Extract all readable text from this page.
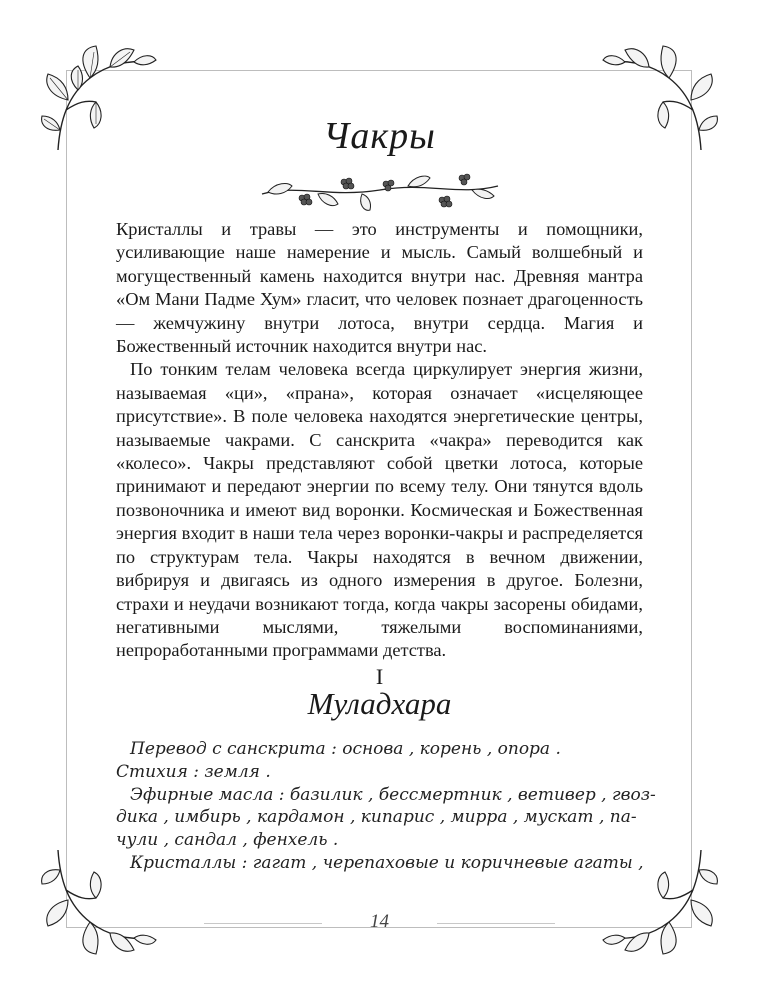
Чакры

Кристаллы и травы — это инструменты и помощники, усиливающие наше намерение и мысль. Самый волшебный и могущественный камень находится внутри нас. Древняя мантра «Ом Мани Падме Хум» гласит, что человек познает драгоценность — жемчужину внутри лотоса, внутри сердца. Магия и Божественный источник находится внутри нас.

По тонким телам человека всегда циркулирует энергия жизни, называемая «ци», «прана», которая означает «исцеляющее присутствие». В поле человека находятся энергетические центры, называемые чакрами. С санскрита «чакра» переводится как «колесо». Чакры представляют собой цветки лотоса, которые принимают и передают энергии по всему телу. Они тянутся вдоль позвоночника и имеют вид воронки. Космическая и Божественная энергия входит в наши тела через воронки-чакры и распределяется по структурам тела. Чакры находятся в вечном движении, вибрируя и двигаясь из одного измерения в другое. Болезни, страхи и неудачи возникают тогда, когда чакры засорены обидами, негативными мыслями, тяжелыми воспоминаниями, непроработанными программами детства.

I
Муладхара
Перевод с санскрита : основа , корень , опора .
Стихия : земля .
Эфирные масла : базилик , бессмертник , ветивер , гвоз-
дика , имбирь , кардамон , кипарис , мирра , мускат , па-
чули , сандал , фенхель .
Кристаллы : гагат , черепаховые и коричневые агаты ,
14
